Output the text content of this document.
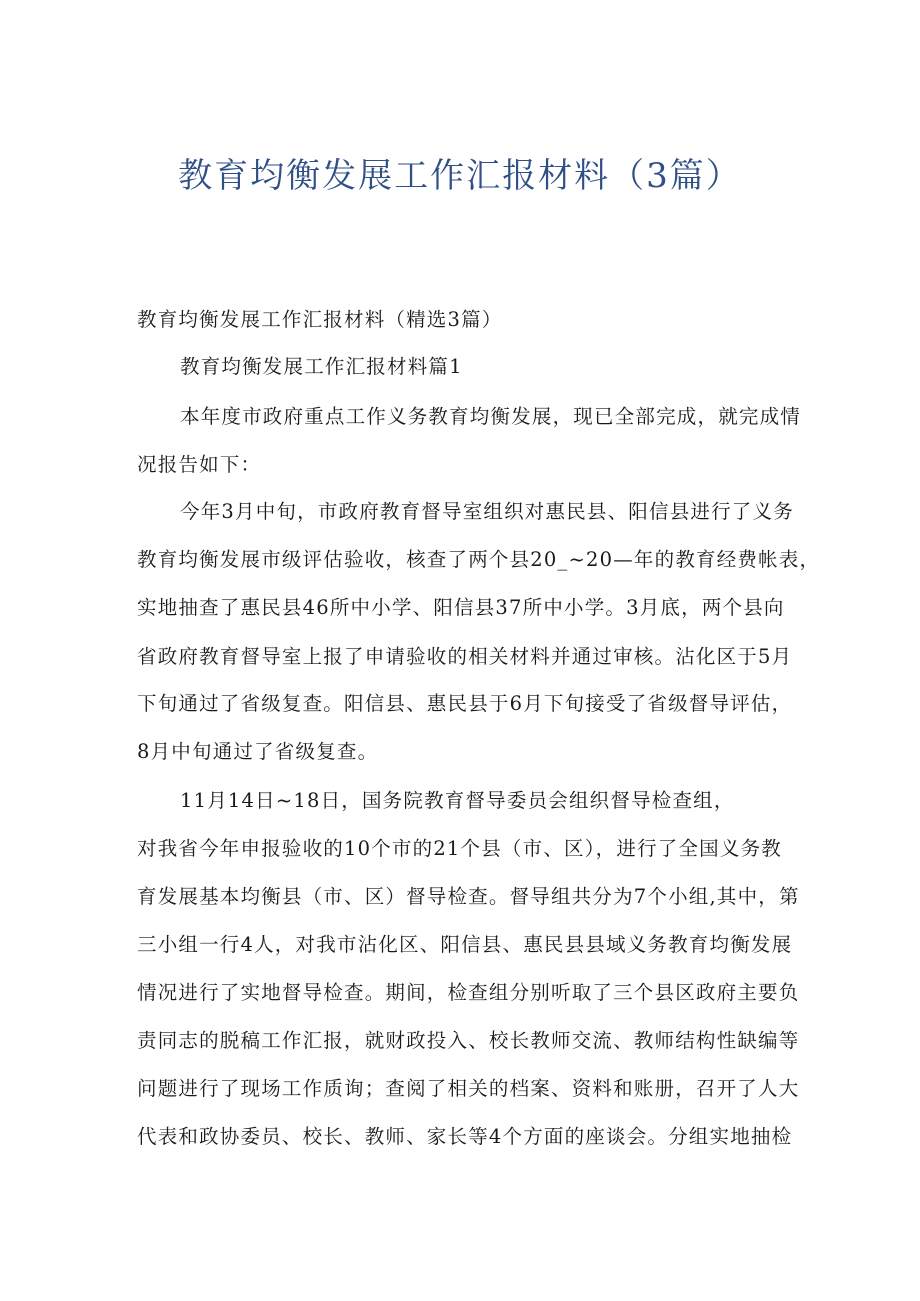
教育均衡发展工作汇报材料（3篇）
教育均衡发展工作汇报材料（精选3篇）
教育均衡发展工作汇报材料篇1
本年度市政府重点工作义务教育均衡发展，现已全部完成，就完成情
况报告如下：
今年3月中旬，市政府教育督导室组织对惠民县、阳信县进行了义务
教育均衡发展市级评估验收，核查了两个县20_~20—年的教育经费帐表，
实地抽查了惠民县46所中小学、阳信县37所中小学。3月底，两个县向
省政府教育督导室上报了申请验收的相关材料并通过审核。沾化区于5月
下旬通过了省级复查。阳信县、惠民县于6月下旬接受了省级督导评估，
8月中旬通过了省级复查。
11月14日~18日，国务院教育督导委员会组织督导检查组，
对我省今年申报验收的10个市的21个县（市、区），进行了全国义务教
育发展基本均衡县（市、区）督导检查。督导组共分为7个小组,其中，第
三小组一行4人，对我市沾化区、阳信县、惠民县县域义务教育均衡发展
情况进行了实地督导检查。期间，检查组分别听取了三个县区政府主要负
责同志的脱稿工作汇报，就财政投入、校长教师交流、教师结构性缺编等
问题进行了现场工作质询；查阅了相关的档案、资料和账册，召开了人大
代表和政协委员、校长、教师、家长等4个方面的座谈会。分组实地抽检
